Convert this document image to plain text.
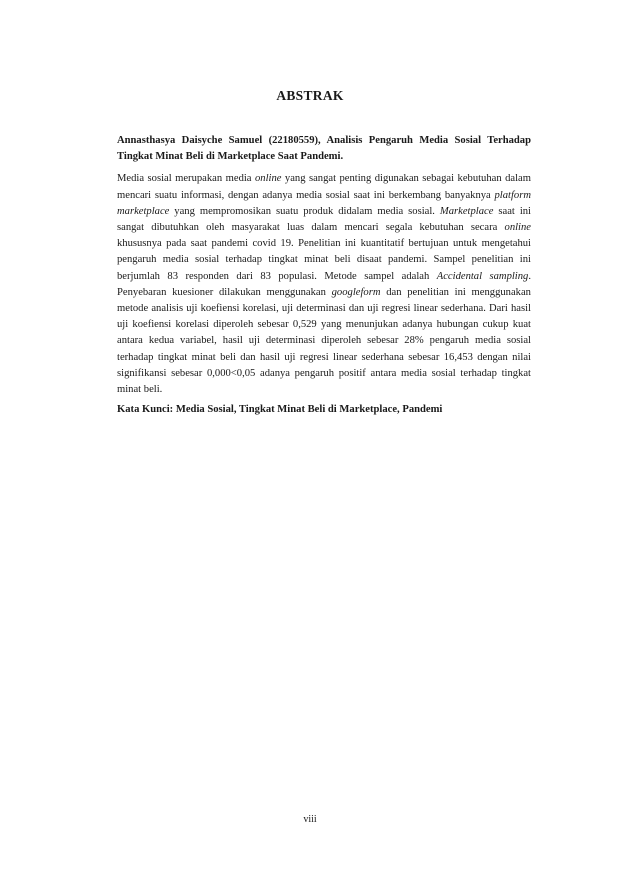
ABSTRAK

Annasthasya Daisyche Samuel (22180559), Analisis Pengaruh Media Sosial Terhadap Tingkat Minat Beli di Marketplace Saat Pandemi.

Media sosial merupakan media online yang sangat penting digunakan sebagai kebutuhan dalam mencari suatu informasi, dengan adanya media sosial saat ini berkembang banyaknya platform marketplace yang mempromosikan suatu produk didalam media sosial. Marketplace saat ini sangat dibutuhkan oleh masyarakat luas dalam mencari segala kebutuhan secara online khususnya pada saat pandemi covid 19. Penelitian ini kuantitatif bertujuan untuk mengetahui pengaruh media sosial terhadap tingkat minat beli disaat pandemi. Sampel penelitian ini berjumlah 83 responden dari 83 populasi. Metode sampel adalah Accidental sampling. Penyebaran kuesioner dilakukan menggunakan googleform dan penelitian ini menggunakan metode analisis uji koefiensi korelasi, uji determinasi dan uji regresi linear sederhana. Dari hasil uji koefiensi korelasi diperoleh sebesar 0,529 yang menunjukan adanya hubungan cukup kuat antara kedua variabel, hasil uji determinasi diperoleh sebesar 28% pengaruh media sosial terhadap tingkat minat beli dan hasil uji regresi linear sederhana sebesar 16,453 dengan nilai signifikansi sebesar 0,000<0,05 adanya pengaruh positif antara media sosial terhadap tingkat minat beli.

Kata Kunci: Media Sosial, Tingkat Minat Beli di Marketplace, Pandemi

viii
